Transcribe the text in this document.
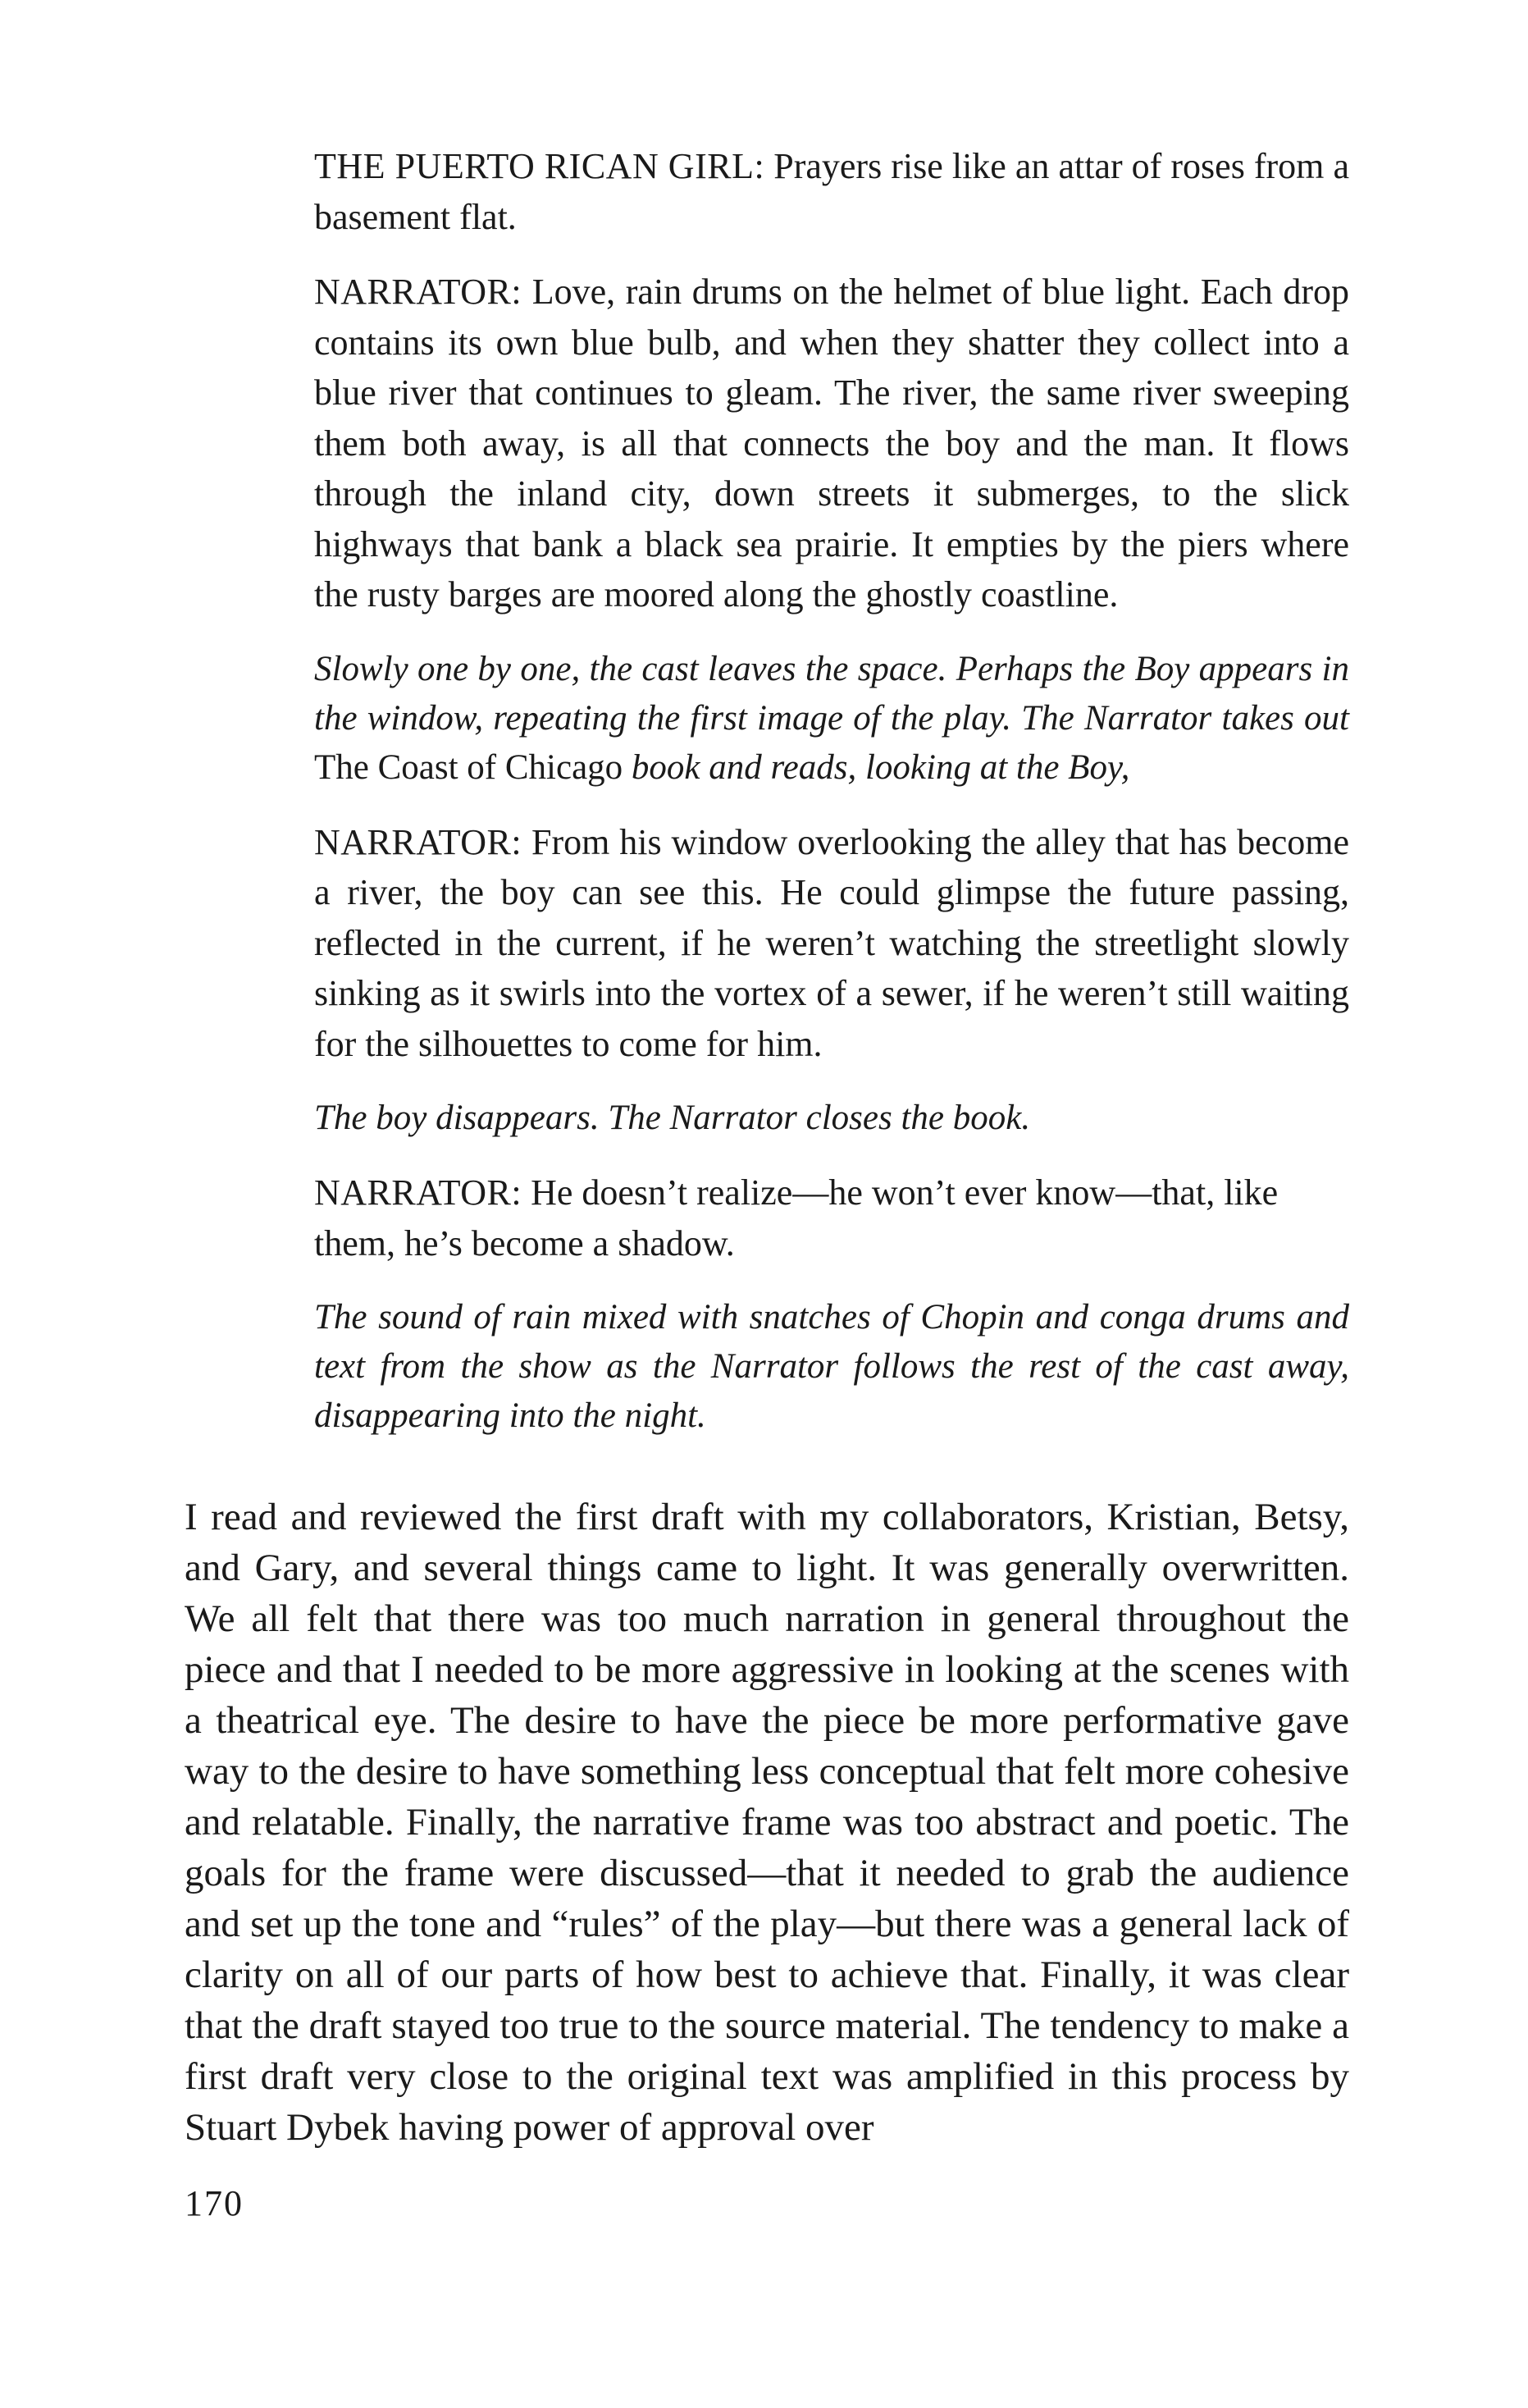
THE PUERTO RICAN GIRL: Prayers rise like an attar of roses from a basement flat.

NARRATOR: Love, rain drums on the helmet of blue light. Each drop contains its own blue bulb, and when they shatter they collect into a blue river that continues to gleam. The river, the same river sweeping them both away, is all that connects the boy and the man. It flows through the inland city, down streets it submerges, to the slick highways that bank a black sea prairie. It empties by the piers where the rusty barges are moored along the ghostly coastline.

Slowly one by one, the cast leaves the space. Perhaps the Boy appears in the window, repeating the first image of the play. The Narrator takes out The Coast of Chicago book and reads, looking at the Boy,

NARRATOR: From his window overlooking the alley that has become a river, the boy can see this. He could glimpse the future passing, reflected in the current, if he weren’t watching the streetlight slowly sinking as it swirls into the vortex of a sewer, if he weren’t still waiting for the silhouettes to come for him.

The boy disappears. The Narrator closes the book.

NARRATOR: He doesn’t realize—he won’t ever know—that, like them, he’s become a shadow.

The sound of rain mixed with snatches of Chopin and conga drums and text from the show as the Narrator follows the rest of the cast away, disappearing into the night.

I read and reviewed the first draft with my collaborators, Kristian, Betsy, and Gary, and several things came to light. It was generally overwritten. We all felt that there was too much narration in general throughout the piece and that I needed to be more aggressive in looking at the scenes with a theatrical eye. The desire to have the piece be more performative gave way to the desire to have something less conceptual that felt more cohesive and relatable. Finally, the narrative frame was too abstract and poetic. The goals for the frame were discussed—that it needed to grab the audience and set up the tone and “rules” of the play—but there was a general lack of clarity on all of our parts of how best to achieve that. Finally, it was clear that the draft stayed too true to the source material. The tendency to make a first draft very close to the original text was amplified in this process by Stuart Dybek having power of approval over

170
